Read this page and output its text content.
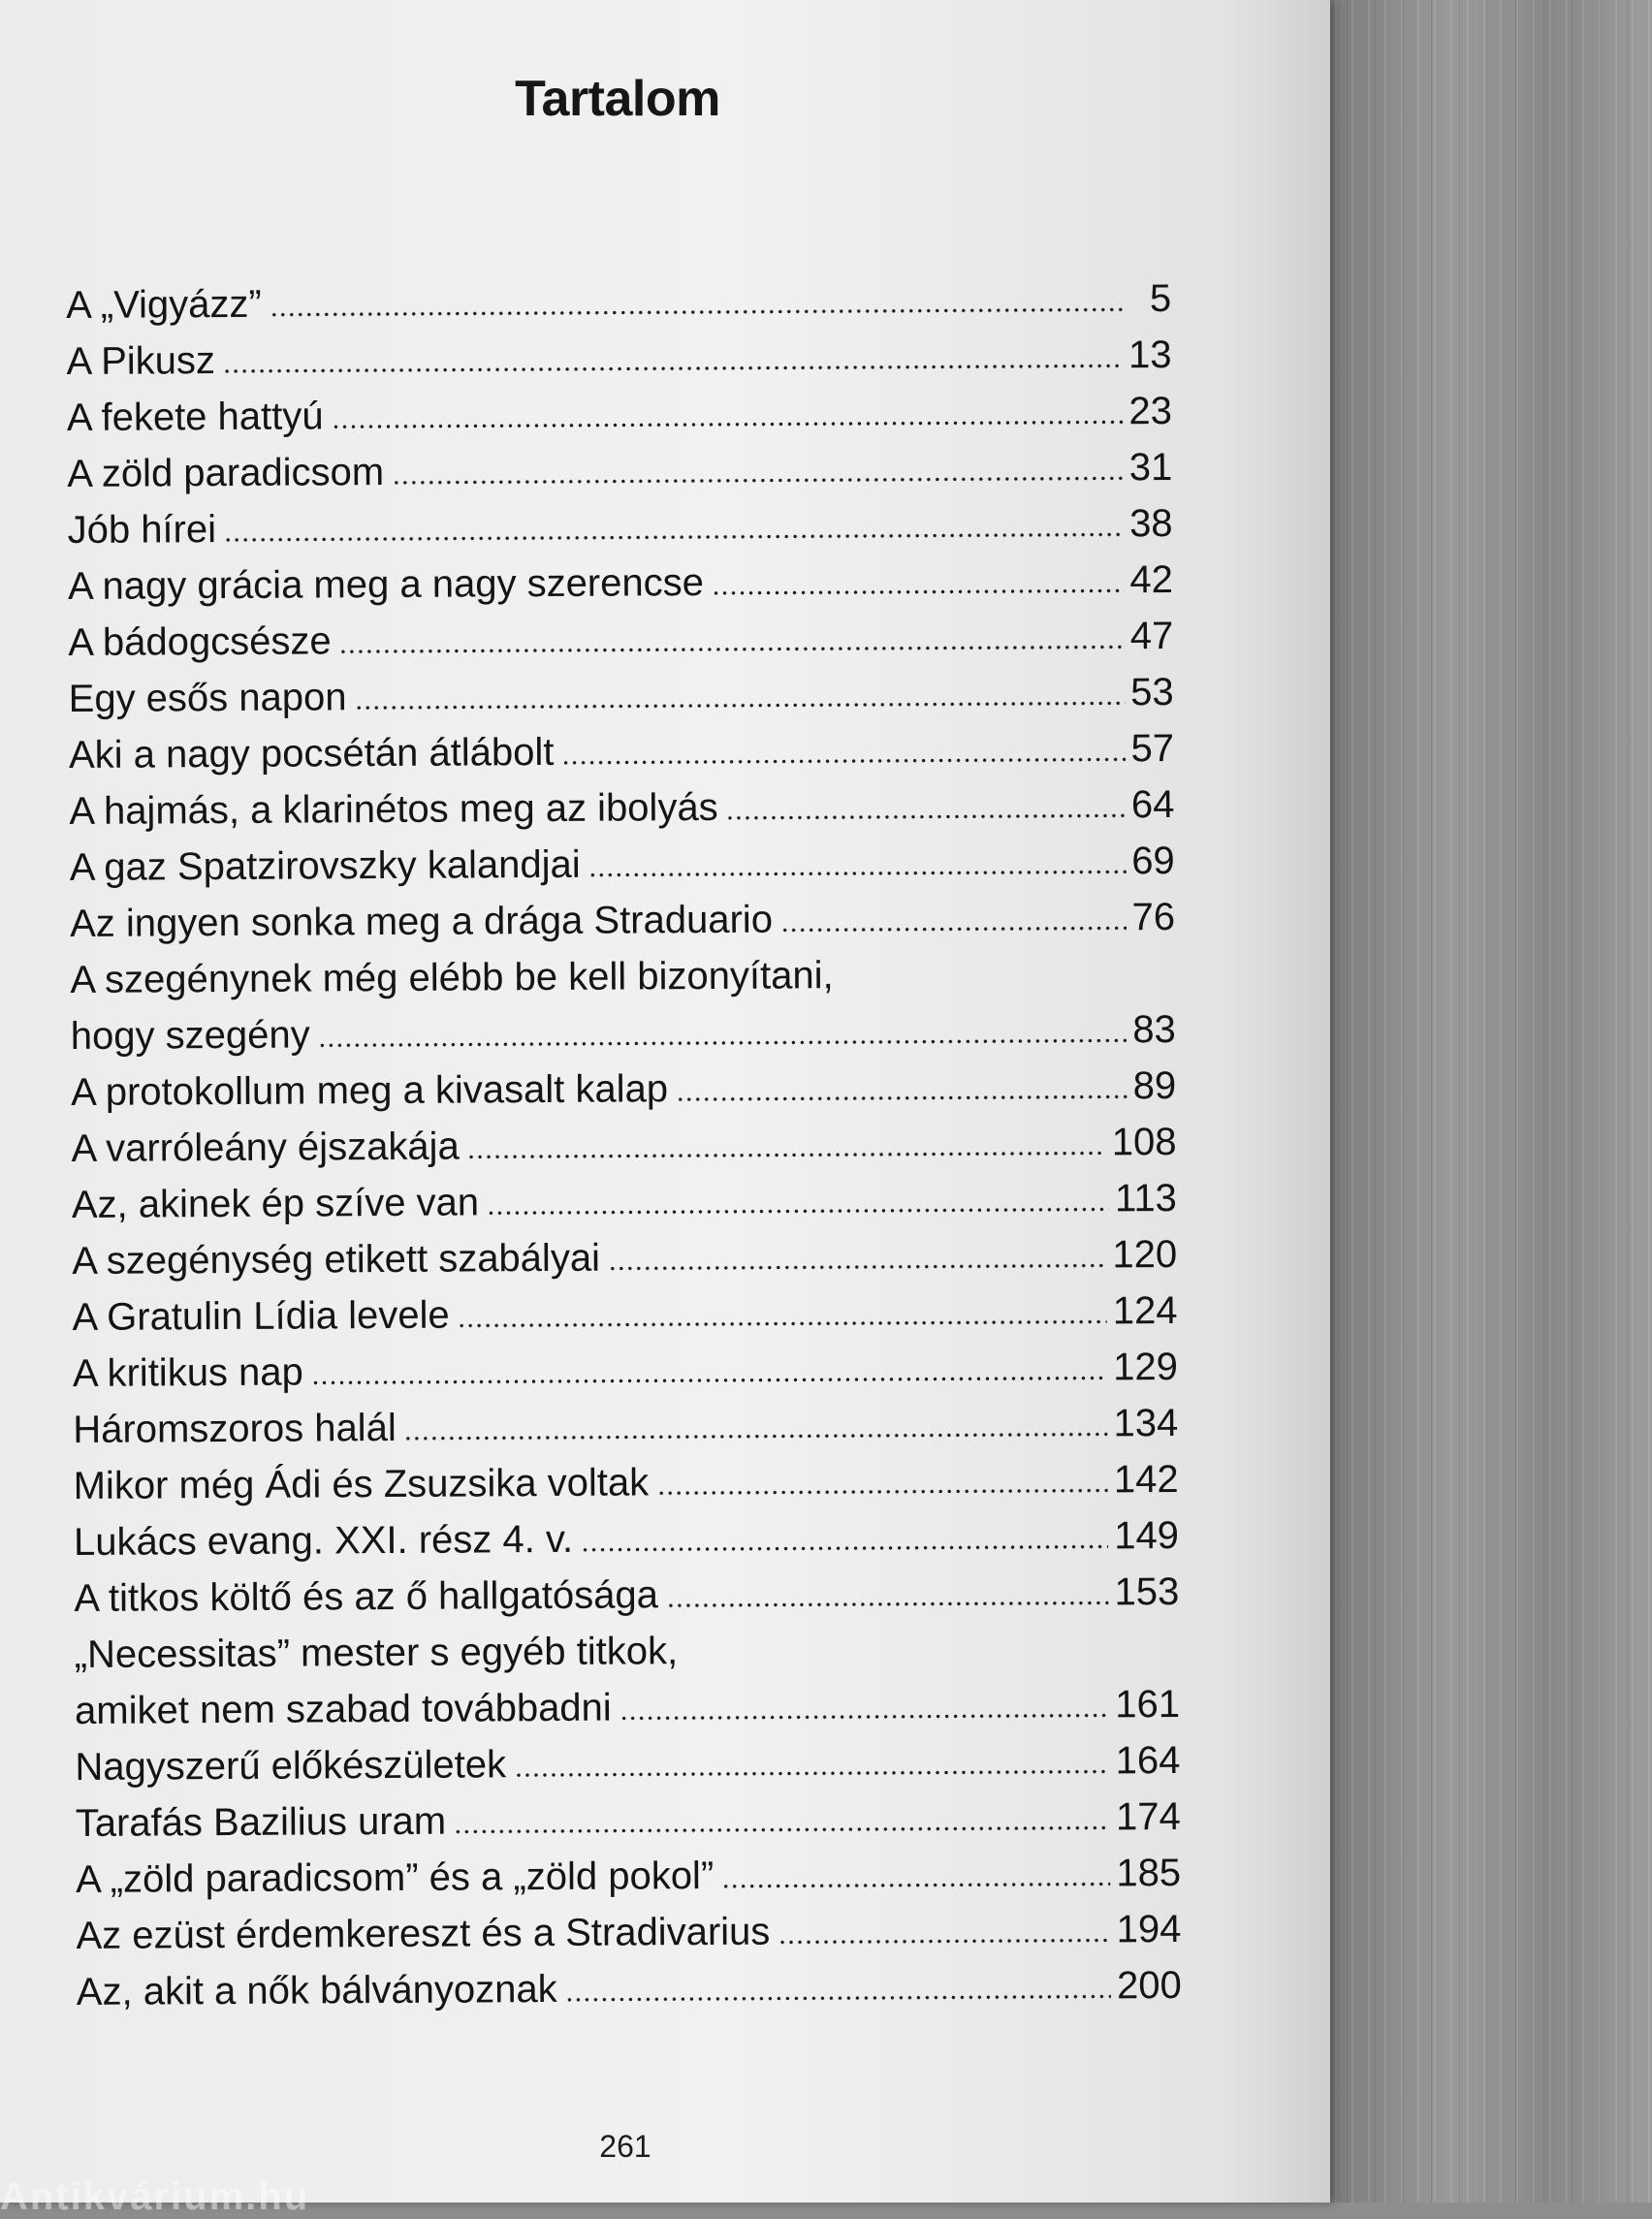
Tartalom
A „Vigyázz”	5
A Pikusz	13
A fekete hattyú	23
A zöld paradicsom	31
Jób hírei	38
A nagy grácia meg a nagy szerencse	42
A bádogcsésze	47
Egy esős napon	53
Aki a nagy pocsétán átlábolt	57
A hajmás, a klarinétos meg az ibolyás	64
A gaz Spatzirovszky kalandjai	69
Az ingyen sonka meg a drága Straduario	76
A szegénynek még elébb be kell bizonyítani,
hogy szegény	83
A protokollum meg a kivasalt kalap	89
A varróleány éjszakája	108
Az, akinek ép szíve van	113
A szegénység etikett szabályai	120
A Gratulin Lídia levele	124
A kritikus nap	129
Háromszoros halál	134
Mikor még Ádi és Zsuzsika voltak	142
Lukács evang. XXI. rész 4. v.	149
A titkos költő és az ő hallgatósága	153
„Necessitas” mester s egyéb titkok,
amiket nem szabad továbbadni	161
Nagyszerű előkészületek	164
Tarafás Bazilius uram	174
A „zöld paradicsom” és a „zöld pokol”	185
Az ezüst érdemkereszt és a Stradivarius	194
Az, akit a nők bálványoznak	200
261
Antikvárium.hu
